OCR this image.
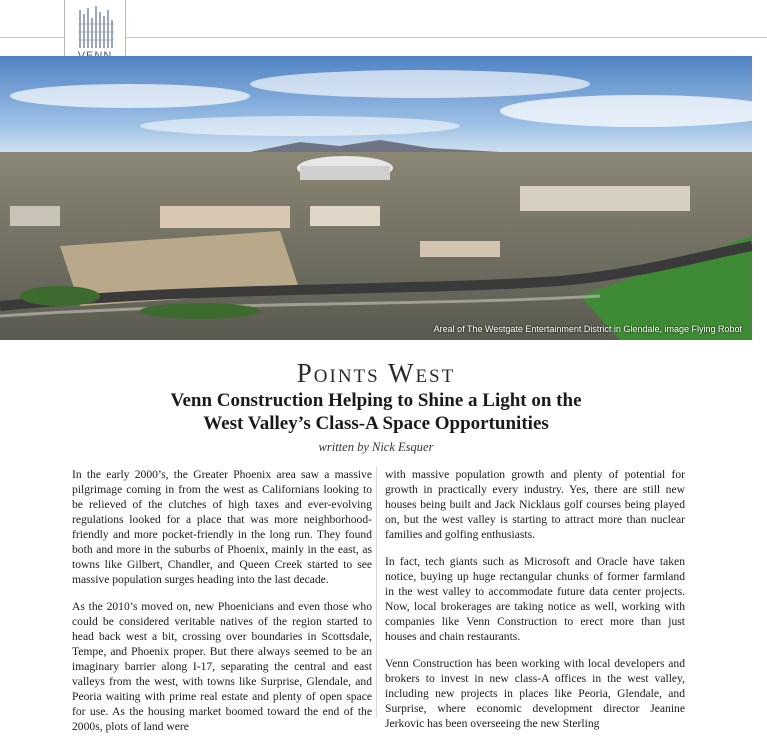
Areal of The Westgate Entertainment District in Glendale, image Flying Robot
Points West
Venn Construction Helping to Shine a Light on the
West Valley’s Class-A Space Opportunities
written by Nick Esquer

In the early 2000’s, the Greater Phoenix area saw a massive pilgrimage coming in from the west as Californians looking to be relieved of the clutches of high taxes and ever-evolving regulations looked for a place that was more neighborhood-friendly and more pocket-friendly in the long run. They found both and more in the suburbs of Phoenix, mainly in the east, as towns like Gilbert, Chandler, and Queen Creek started to see massive population surges heading into the last decade.

As the 2010’s moved on, new Phoenicians and even those who could be considered veritable natives of the region started to head back west a bit, crossing over boundaries in Scottsdale, Tempe, and Phoenix proper. But there always seemed to be an imaginary barrier along I-17, separating the central and east valleys from the west, with towns like Surprise, Glendale, and Peoria waiting with prime real estate and plenty of open space for use. As the housing market boomed toward the end of the 2000s, plots of land were

with massive population growth and plenty of potential for growth in practically every industry. Yes, there are still new houses being built and Jack Nicklaus golf courses being played on, but the west valley is starting to attract more than nuclear families and golfing enthusiasts.

In fact, tech giants such as Microsoft and Oracle have taken notice, buying up huge rectangular chunks of former farmland in the west valley to accommodate future data center projects. Now, local brokerages are taking notice as well, working with companies like Venn Construction to erect more than just houses and chain restaurants.

Venn Construction has been working with local developers and brokers to invest in new class-A offices in the west valley, including new projects in places like Peoria, Glendale, and Surprise, where economic development director Jeanine Jerkovic has been overseeing the new Sterling
